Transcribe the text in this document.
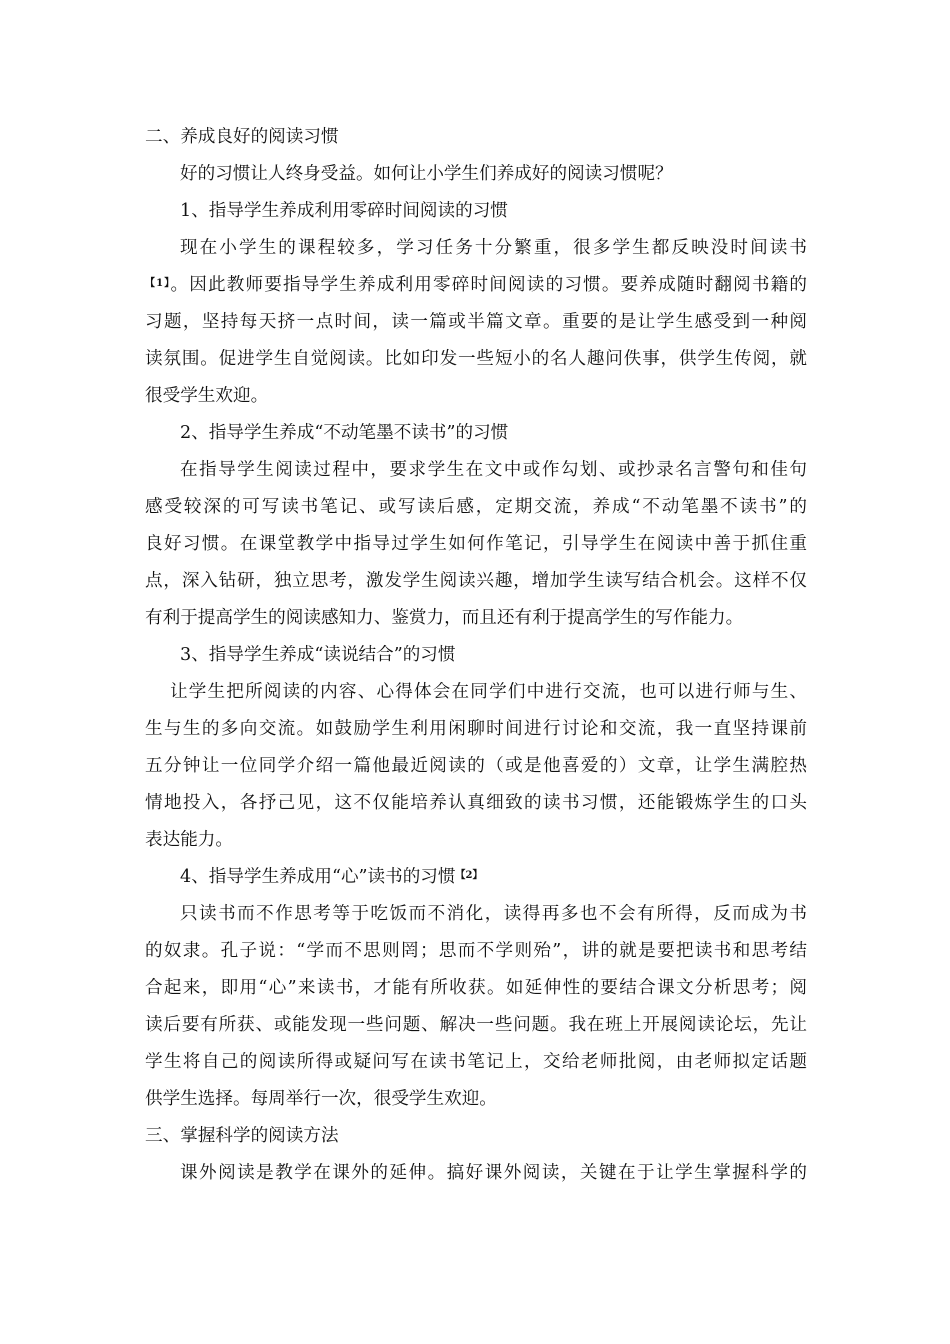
二、养成良好的阅读习惯
好的习惯让人终身受益。如何让小学生们养成好的阅读习惯呢？
1、指导学生养成利用零碎时间阅读的习惯
现在小学生的课程较多，学习任务十分繁重，很多学生都反映没时间读书
$^{【1】}$。因此教师要指导学生养成利用零碎时间阅读的习惯。要养成随时翻阅书籍的
习题，坚持每天挤一点时间，读一篇或半篇文章。重要的是让学生感受到一种阅
读氛围。促进学生自觉阅读。比如印发一些短小的名人趣问佚事，供学生传阅，就
很受学生欢迎。
2、指导学生养成“不动笔墨不读书”的习惯
在指导学生阅读过程中，要求学生在文中或作勾划、或抄录名言警句和佳句
感受较深的可写读书笔记、或写读后感，定期交流，养成“不动笔墨不读书”的
良好习惯。在课堂教学中指导过学生如何作笔记，引导学生在阅读中善于抓住重
点，深入钻研，独立思考，激发学生阅读兴趣，增加学生读写结合机会。这样不仅
有利于提高学生的阅读感知力、鉴赏力，而且还有利于提高学生的写作能力。
3、指导学生养成“读说结合”的习惯
让学生把所阅读的内容、心得体会在同学们中进行交流，也可以进行师与生、
生与生的多向交流。如鼓励学生利用闲聊时间进行讨论和交流，我一直坚持课前
五分钟让一位同学介绍一篇他最近阅读的（或是他喜爱的）文章，让学生满腔热
情地投入，各抒己见，这不仅能培养认真细致的读书习惯，还能锻炼学生的口头
表达能力。
4、指导学生养成用“心”读书的习惯$^{【2】}$
只读书而不作思考等于吃饭而不消化，读得再多也不会有所得，反而成为书
的奴隶。孔子说：“学而不思则罔；思而不学则殆”，讲的就是要把读书和思考结
合起来，即用“心”来读书，才能有所收获。如延伸性的要结合课文分析思考；阅
读后要有所获、或能发现一些问题、解决一些问题。我在班上开展阅读论坛，先让
学生将自己的阅读所得或疑问写在读书笔记上，交给老师批阅，由老师拟定话题
供学生选择。每周举行一次，很受学生欢迎。
三、掌握科学的阅读方法
课外阅读是教学在课外的延伸。搞好课外阅读，关键在于让学生掌握科学的
